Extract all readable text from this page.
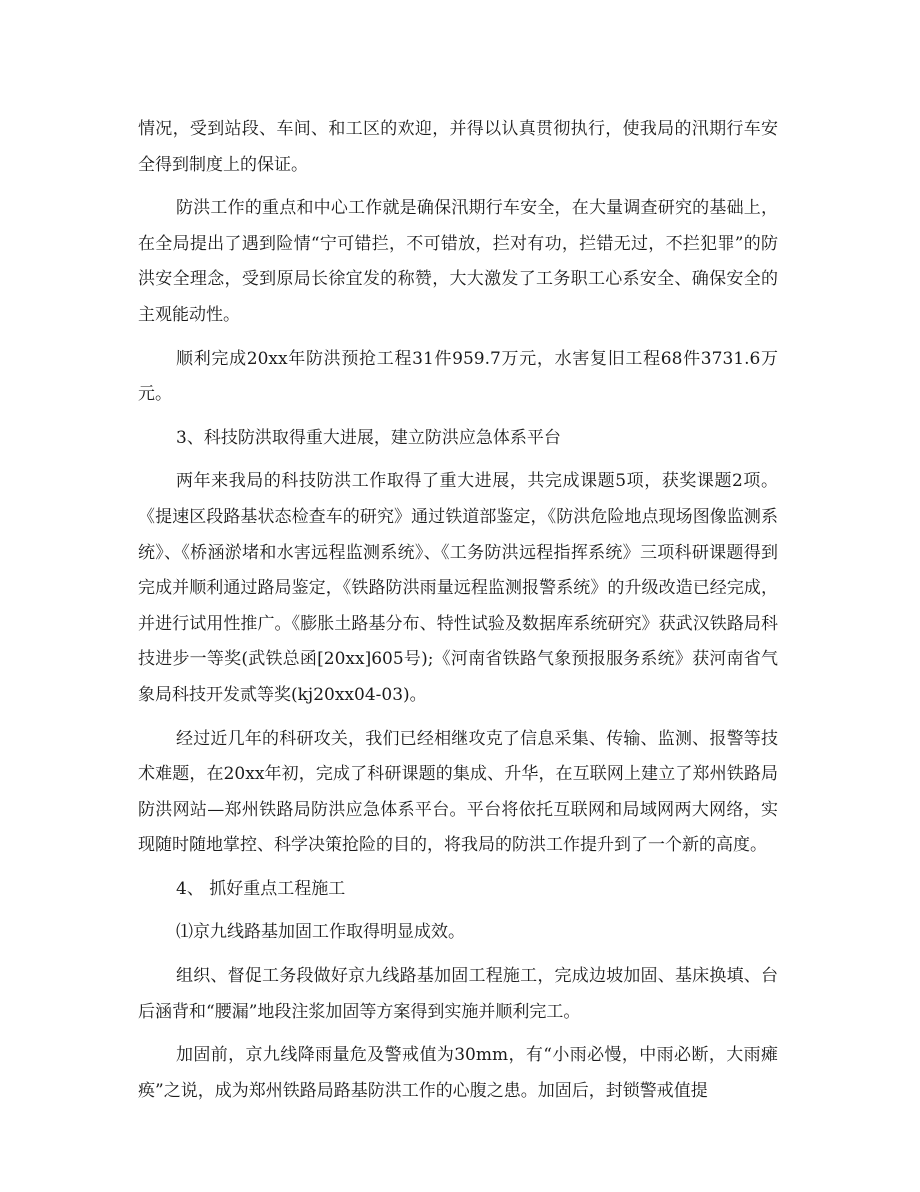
情况，受到站段、车间、和工区的欢迎，并得以认真贯彻执行，使我局的汛期行车安全得到制度上的保证。

防洪工作的重点和中心工作就是确保汛期行车安全，在大量调查研究的基础上，在全局提出了遇到险情“宁可错拦，不可错放，拦对有功，拦错无过，不拦犯罪”的防洪安全理念，受到原局长徐宜发的称赞，大大激发了工务职工心系安全、确保安全的主观能动性。

顺利完成20xx年防洪预抢工程31件959.7万元，水害复旧工程68件3731.6万元。

3、科技防洪取得重大进展，建立防洪应急体系平台

两年来我局的科技防洪工作取得了重大进展，共完成课题5项，获奖课题2项。《提速区段路基状态检查车的研究》通过铁道部鉴定，《防洪危险地点现场图像监测系统》、《桥涵淤堵和水害远程监测系统》、《工务防洪远程指挥系统》三项科研课题得到完成并顺利通过路局鉴定，《铁路防洪雨量远程监测报警系统》的升级改造已经完成，并进行试用性推广。《膨胀土路基分布、特性试验及数据库系统研究》获武汉铁路局科技进步一等奖(武铁总函[20xx]605号);《河南省铁路气象预报服务系统》获河南省气象局科技开发贰等奖(kj20xx04-03)。

经过近几年的科研攻关，我们已经相继攻克了信息采集、传输、监测、报警等技术难题，在20xx年初，完成了科研课题的集成、升华，在互联网上建立了郑州铁路局防洪网站—郑州铁路局防洪应急体系平台。平台将依托互联网和局域网两大网络，实现随时随地掌控、科学决策抢险的目的，将我局的防洪工作提升到了一个新的高度。

4、 抓好重点工程施工

⑴京九线路基加固工作取得明显成效。

组织、督促工务段做好京九线路基加固工程施工，完成边坡加固、基床换填、台后涵背和“腰漏”地段注浆加固等方案得到实施并顺利完工。

加固前，京九线降雨量危及警戒值为30mm，有“小雨必慢，中雨必断，大雨瘫痪”之说，成为郑州铁路局路基防洪工作的心腹之患。加固后，封锁警戒值提
